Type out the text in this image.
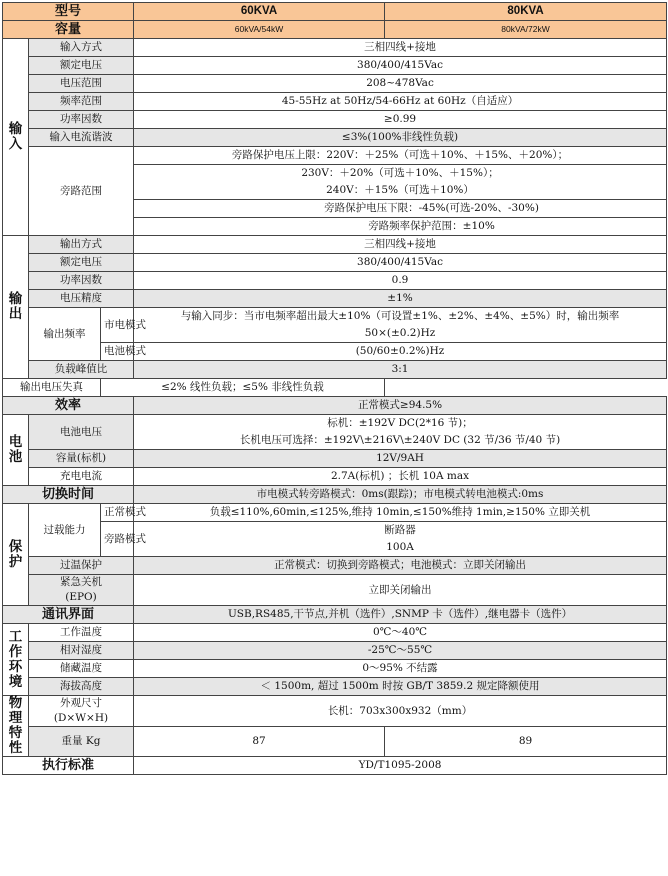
型号			60KVA	80KVA
容量			60kVA/54kW	80kVA/72kW

输
入	输入方式		三相四线+接地	
	额定电压		380/400/415Vac	
	电压范围		208~478Vac	
	频率范围		45-55Hz at 50Hz/54-66Hz at 60Hz（自适应）	
	功率因数		≥0.99	
	输入电流谐波		≤3%(100%非线性负载)	
	旁路范围		旁路保护电压上限：220V：＋25%（可选＋10%、＋15%、＋20%）；	
			230V：＋20%（可选＋10%、＋15%）；	
			240V：＋15%（可选＋10%）	
			旁路保护电压下限：-45%(可选-20%、-30%)	
			旁路频率保护范围：±10%	

输
出	输出方式		三相四线+接地	
	额定电压		380/400/415Vac	
	功率因数		0.9	
	电压精度		±1%	
	输出频率	市电模式	与输入同步：当市电频率超出最大±10%（可设置±1%、±2%、±4%、±5%）时，输出频率	
			50×(±0.2)Hz	
		电池模式	(50/60±0.2%)Hz	

	负载峰值比		3:1	
输出电压失真		≤2% 线性负载；≤5% 非线性负载		
效率			正常模式≥94.5%	

电
池	电池电压		标机：±192V DC(2*16 节)；	
			长机电压可选择：±192V\±216V\±240V DC (32 节/36 节/40 节)	
	容量(标机)		12V/9AH	
	充电电流		2.7A(标机) ；长机 10A max	
切换时间			市电模式转旁路模式：0ms(跟踪)；市电模式转电池模式:0ms	

保
护	过载能力	正常模式	负载≤110%,60min,≤125%,维持 10min,≤150%维持 1min,≥150% 立即关机	

		旁路模式	断路器	
			100A	
	过温保护		正常模式：切换到旁路模式；电池模式：立即关闭输出	

	紧急关机
(EPO)		立即关闭输出	

通讯界面			USB,RS485,干节点,并机（选件）,SNMP 卡（选件）,继电器卡（选件）	

工
作
环
境	工作温度		0℃～40℃	
	相对湿度		-25℃～55℃	
	储藏温度		0～95% 不结露	
	海拔高度		＜ 1500m, 超过 1500m 时按 GB/T 3859.2 规定降额使用	

物
理
特
性	外观尺寸
(D×W×H)		长机：703x300x932（mm）	

	重量 Kg		87	89

执行标准			YD/T1095-2008	
